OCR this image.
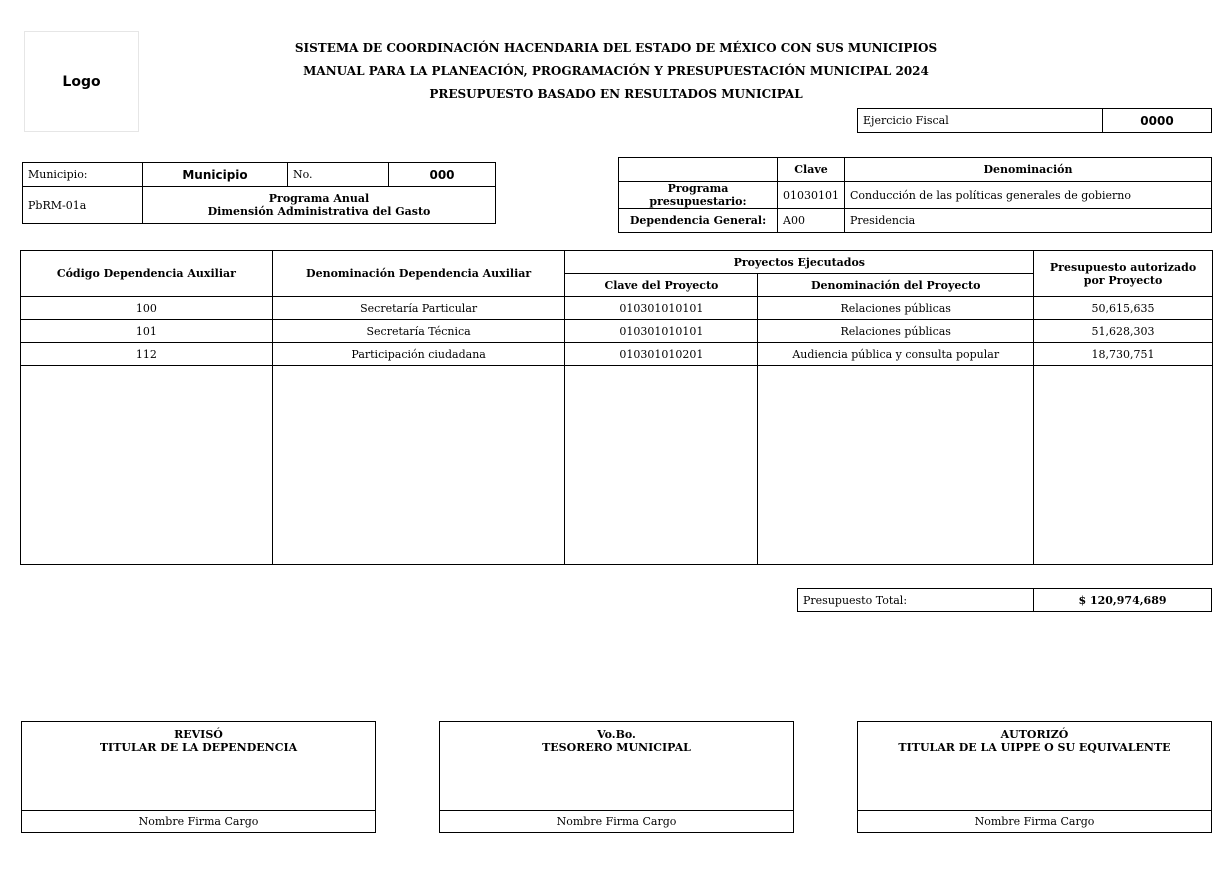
Logo
SISTEMA DE COORDINACIÓN HACENDARIA DEL ESTADO DE MÉXICO CON SUS MUNICIPIOS
MANUAL PARA LA PLANEACIÓN, PROGRAMACIÓN Y PRESUPUESTACIÓN MUNICIPAL 2024
PRESUPUESTO BASADO EN RESULTADOS MUNICIPAL
Ejercicio Fiscal	0000
Municipio:	Municipio	No.	000
PbRM-01a	Programa Anual
Dimensión Administrativa del Gasto		
	Clave	Denominación
Programa presupuestario:	01030101	Conducción de las políticas generales de gobierno
Dependencia General:	A00	Presidencia
Código Dependencia Auxiliar	Denominación Dependencia Auxiliar	Proyectos Ejecutados		Presupuesto autorizado por Proyecto
		Clave del Proyecto	Denominación del Proyecto	
100	Secretaría Particular	010301010101	Relaciones públicas	50,615,635
101	Secretaría Técnica	010301010101	Relaciones públicas	51,628,303
112	Participación ciudadana	010301010201	Audiencia pública y consulta popular	18,730,751

Presupuesto Total:	$ 120,974,689
REVISÓ
TITULAR DE LA DEPENDENCIA
Nombre Firma Cargo
Vo.Bo.
TESORERO MUNICIPAL
Nombre Firma Cargo
AUTORIZÓ
TITULAR DE LA UIPPE O SU EQUIVALENTE
Nombre Firma Cargo
